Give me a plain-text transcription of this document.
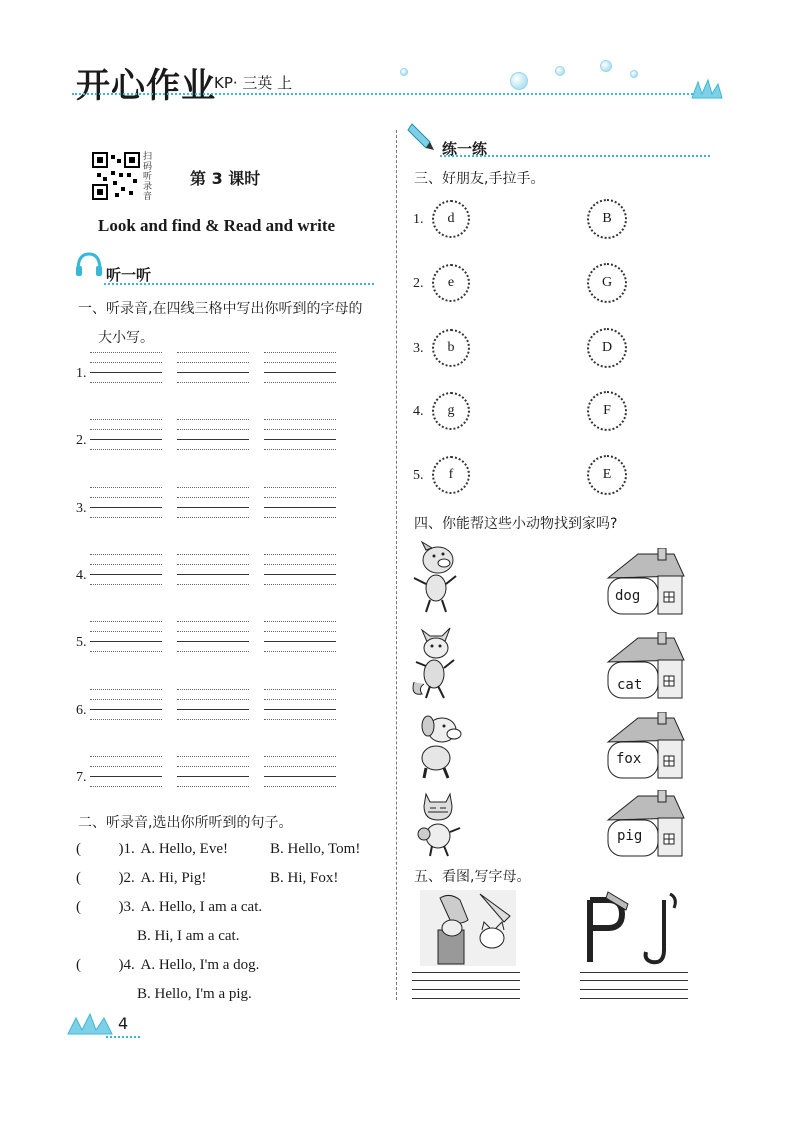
开心作业
KP· 三英 上
扫码听录音
第 3 课时
Look and find & Read and write
听一听
一、听录音,在四线三格中写出你听到的字母的
大小写。
1.
2.
3.
4.
5.
6.
7.
二、听录音,选出你所听到的句子。
(	)1. A. Hello, Eve!	B. Hello, Tom!
(	)2. A. Hi, Pig!	B. Hi, Fox!
(	)3. A. Hello, I am a cat.
B. Hi, I am a cat.
(	)4. A. Hello, I'm a dog.
B. Hello, I'm a pig.
练一练
三、好朋友,手拉手。
1. d
2. e
3. b
4. g
5. f
B
G
D
F
E
四、你能帮这些小动物找到家吗?
dog
cat
fox
pig
五、看图,写字母。
4
